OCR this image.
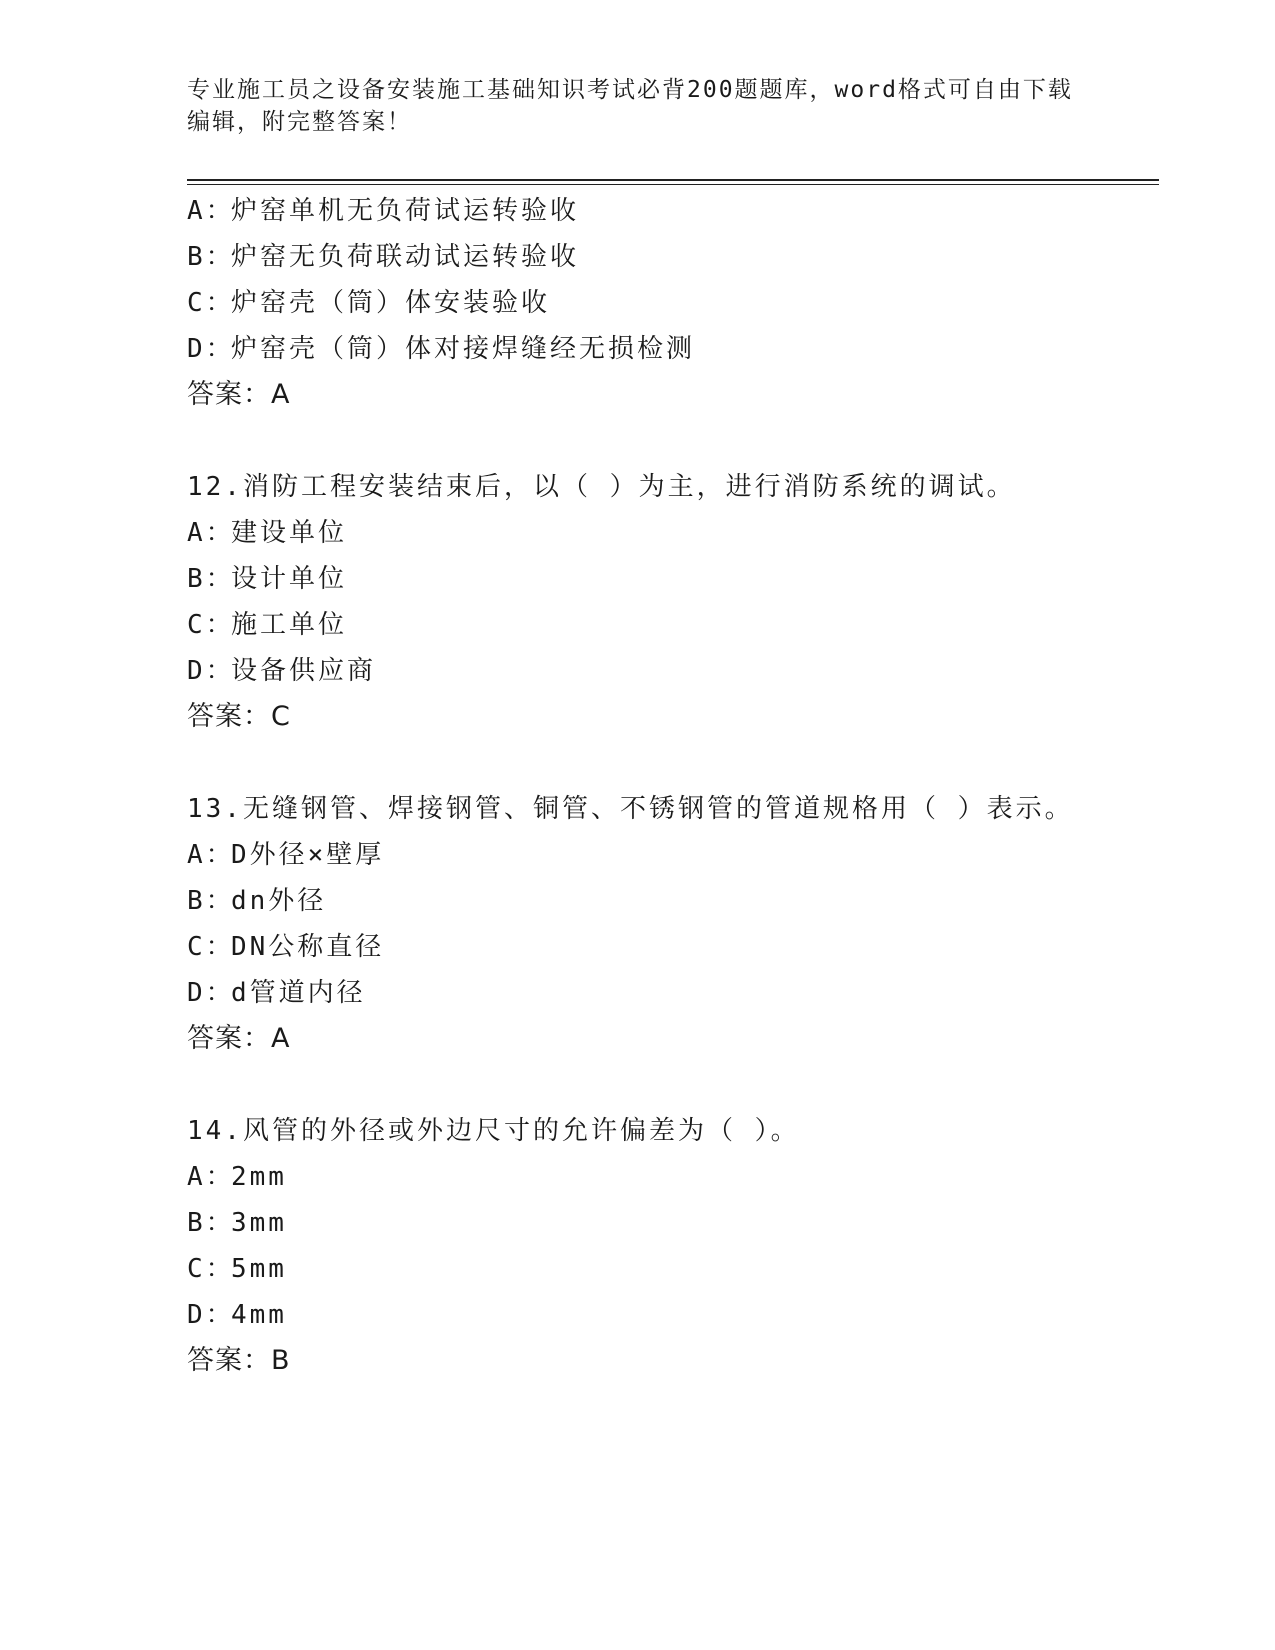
专业施工员之设备安装施工基础知识考试必背200题题库，word格式可自由下载
编辑，附完整答案！
A：炉窑单机无负荷试运转验收
B：炉窑无负荷联动试运转验收
C：炉窑壳（筒）体安装验收
D：炉窑壳（筒）体对接焊缝经无损检测
答案：A
12.消防工程安装结束后，以（ ）为主，进行消防系统的调试。
A：建设单位
B：设计单位
C：施工单位
D：设备供应商
答案：C
13.无缝钢管、焊接钢管、铜管、不锈钢管的管道规格用（ ）表示。
A：D外径×壁厚
B：dn外径
C：DN公称直径
D：d管道内径
答案：A
14.风管的外径或外边尺寸的允许偏差为（ ）。
A：2mm
B：3mm
C：5mm
D：4mm
答案：B
